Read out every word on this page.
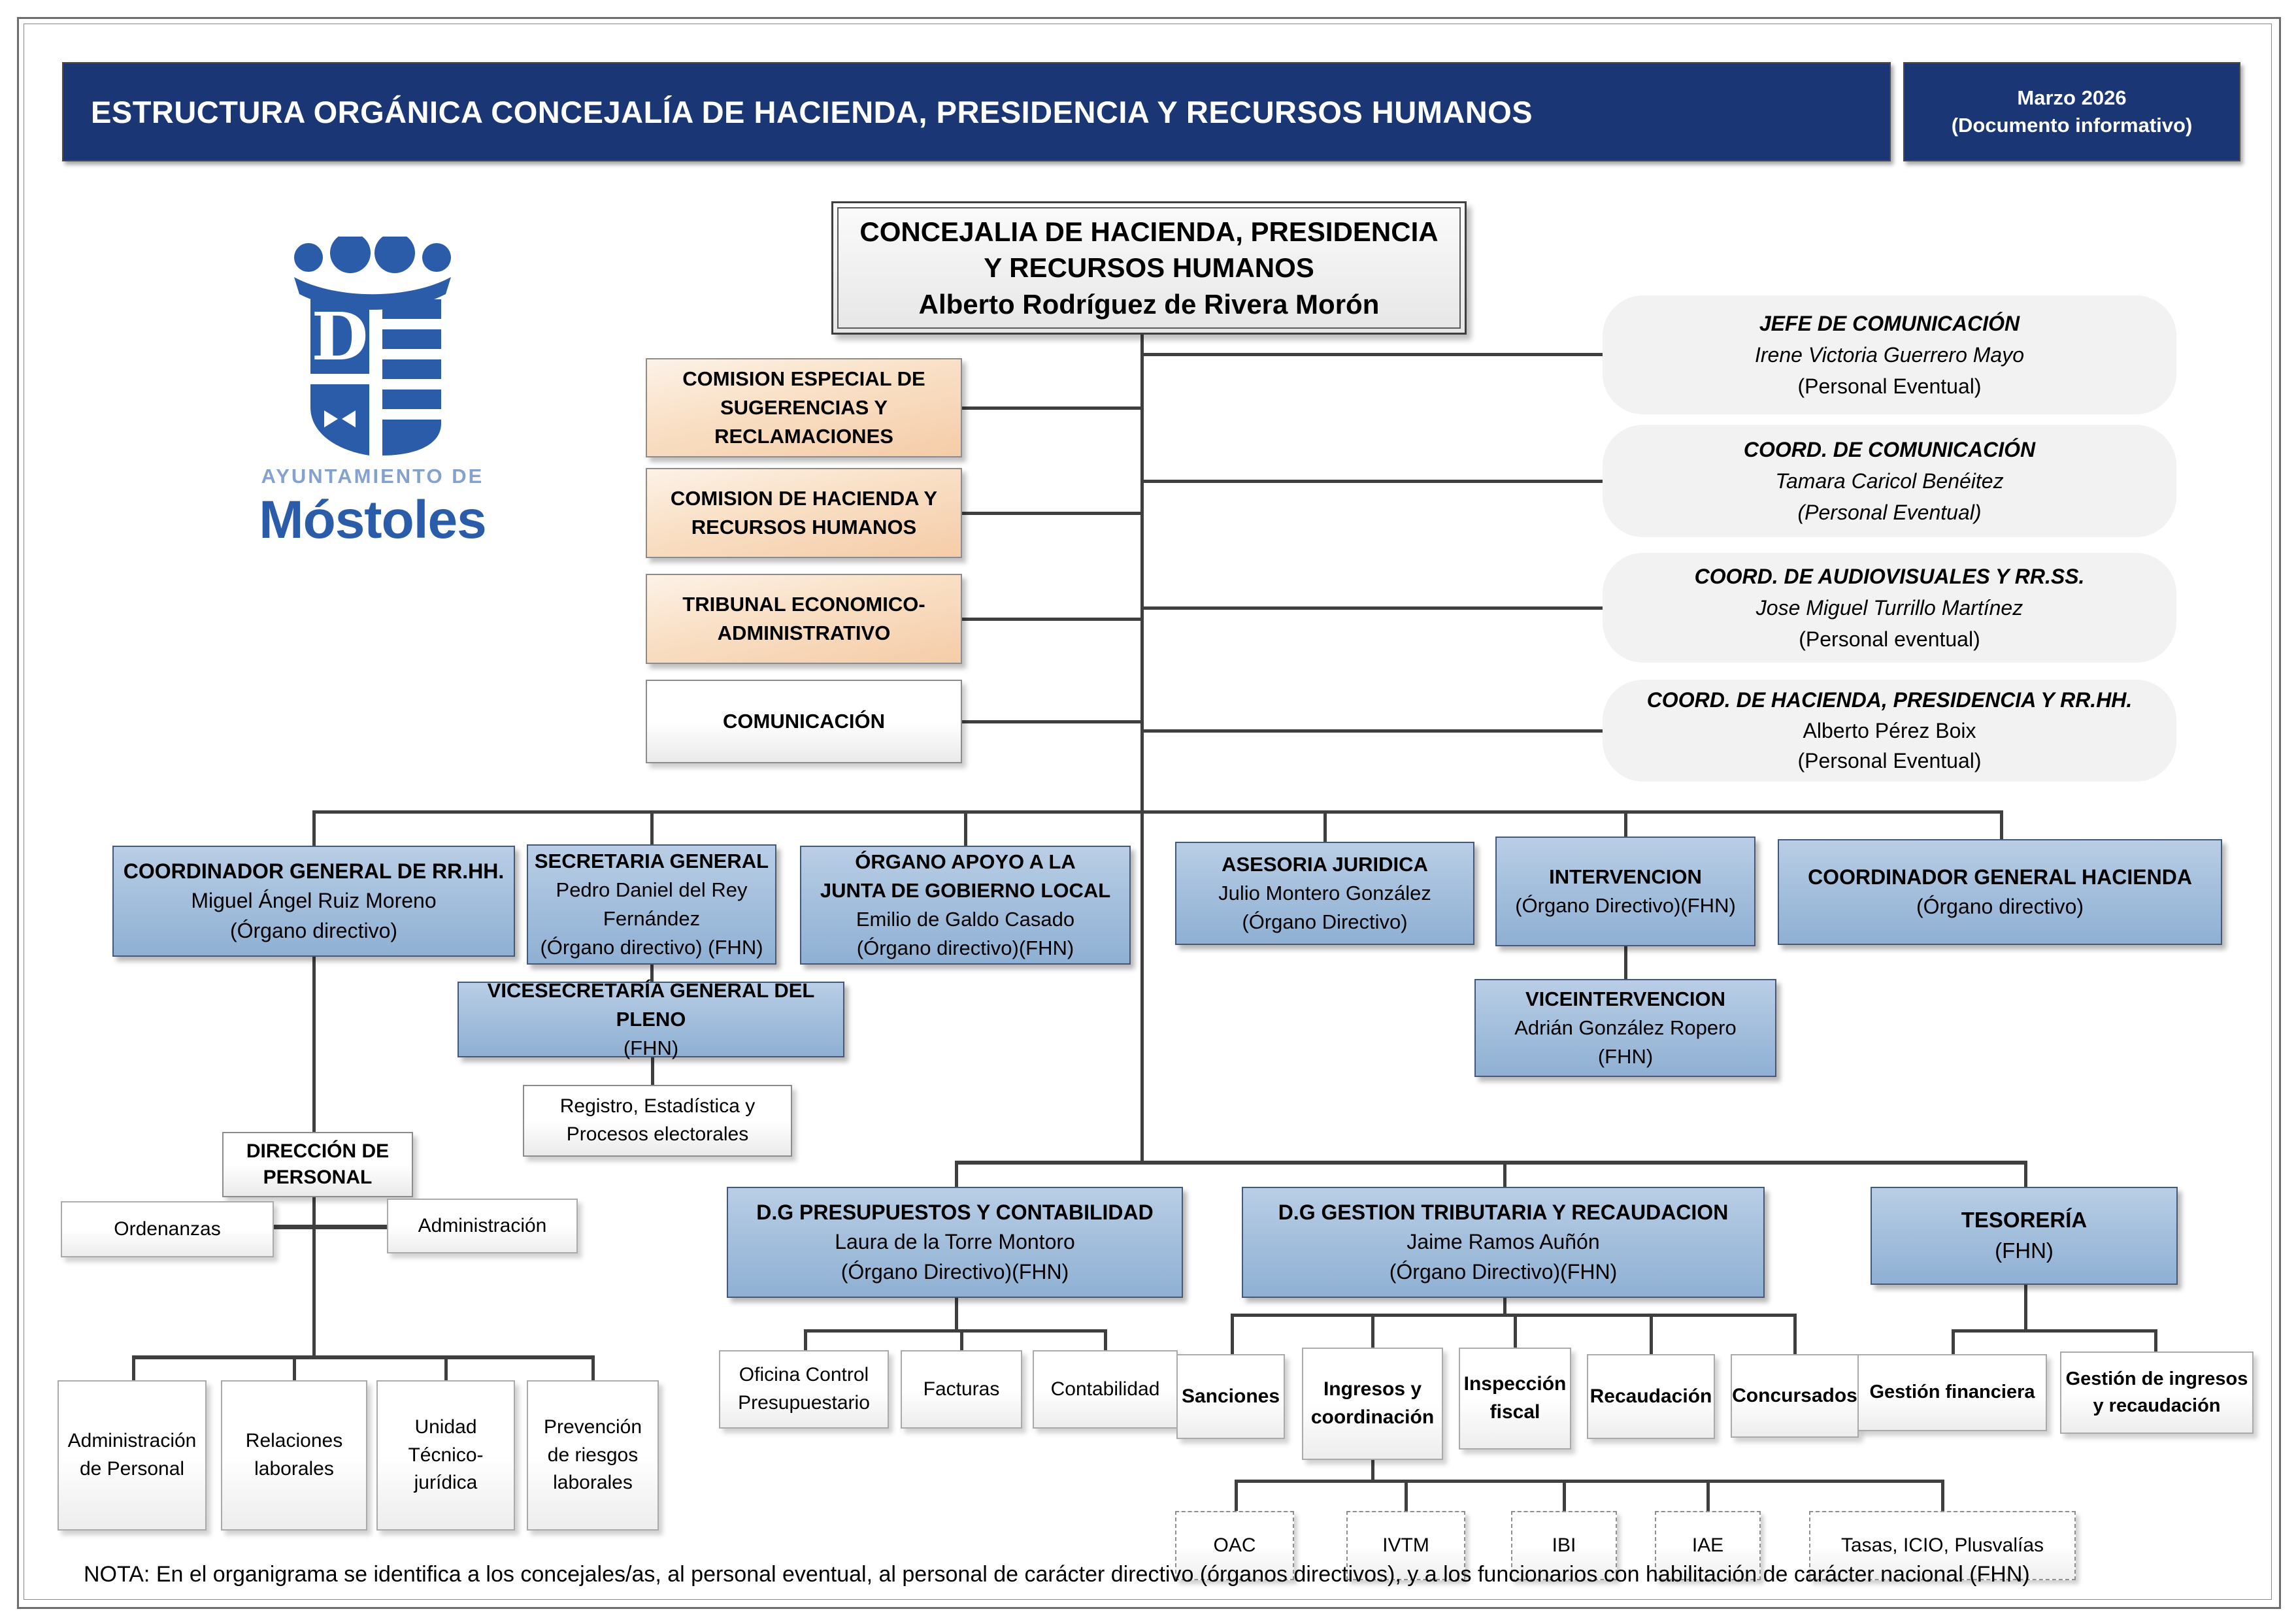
ESTRUCTURA ORGÁNICA CONCEJALÍA DE HACIENDA, PRESIDENCIA Y RECURSOS HUMANOS	Marzo 2026
(Documento informativo)
D
AYUNTAMIENTO DE
Móstoles
CONCEJALIA DE HACIENDA, PRESIDENCIA
Y RECURSOS HUMANOS
Alberto Rodríguez de Rivera Morón
COMISION ESPECIAL DE
SUGERENCIAS Y RECLAMACIONES
COMISION DE HACIENDA Y
RECURSOS HUMANOS
TRIBUNAL ECONOMICO-
ADMINISTRATIVO
COMUNICACIÓN
JEFE DE COMUNICACIÓN
Irene Victoria Guerrero Mayo
(Personal Eventual)
COORD. DE COMUNICACIÓN
Tamara Caricol Benéitez
(Personal Eventual)
COORD. DE AUDIOVISUALES Y RR.SS.
Jose Miguel Turrillo Martínez
(Personal eventual)
COORD. DE HACIENDA, PRESIDENCIA Y RR.HH.
Alberto Pérez Boix
(Personal Eventual)
COORDINADOR GENERAL DE RR.HH.
Miguel Ángel Ruiz Moreno
(Órgano directivo)
SECRETARIA GENERAL
Pedro Daniel del Rey Fernández
(Órgano directivo) (FHN)
ÓRGANO APOYO A LA
JUNTA DE GOBIERNO LOCAL
Emilio de Galdo Casado
(Órgano directivo)(FHN)
ASESORIA JURIDICA
Julio Montero González
(Órgano Directivo)
INTERVENCION
(Órgano Directivo)(FHN)
COORDINADOR GENERAL HACIENDA
(Órgano directivo)
VICESECRETARÍA GENERAL DEL PLENO
(FHN)
Registro, Estadística y
Procesos electorales
VICEINTERVENCION
Adrián González Ropero
(FHN)
DIRECCIÓN DE
PERSONAL
Ordenanzas	Administración
Administración
de Personal
Relaciones
laborales
Unidad
Técnico-
jurídica
Prevención
de riesgos
laborales
D.G PRESUPUESTOS Y CONTABILIDAD
Laura de la Torre Montoro
(Órgano Directivo)(FHN)
Oficina Control
Presupuestario
Facturas	Contabilidad
D.G GESTION TRIBUTARIA Y RECAUDACION
Jaime Ramos Auñón
(Órgano Directivo)(FHN)
Sanciones Ingresos y
coordinación
Inspección
fiscal
Recaudación Concursados
OAC	IVTM	IBI	IAE	Tasas, ICIO, Plusvalías
TESORERÍA
(FHN)
Gestión financiera
Gestión de ingresos
y recaudación
NOTA: En el organigrama se identifica a los concejales/as, al personal eventual, al personal de carácter directivo (órganos directivos), y a los funcionarios con habilitación de carácter nacional (FHN)
